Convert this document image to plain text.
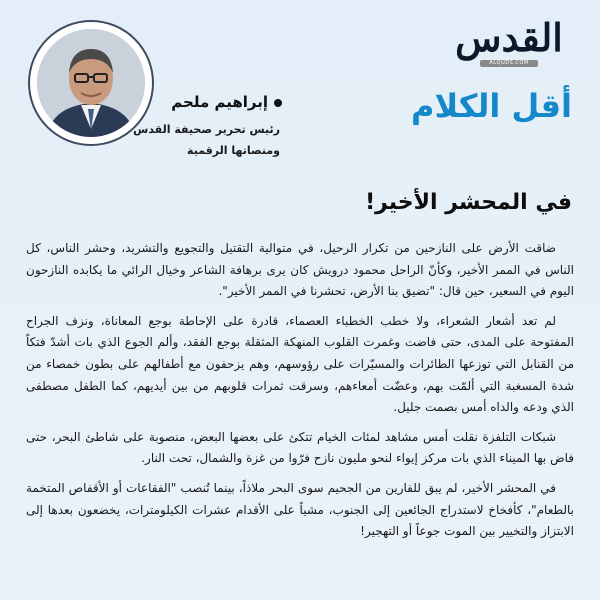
القدس
ALQUDS.COM
أقل الكلام
إبراهيم ملحم
رئيس تحرير صحيفة القدس
ومنصاتها الرقمية
في المحشر الأخير!

ضاقت الأرض على النازحين من تكرار الرحيل، في متوالية التقتيل والتجويع والتشريد، وحشر الناس، كل الناس في الممر الأخير، وكأنّ الراحل محمود درويش كان يرى برهافة الشاعر وخيال الرائي ما يكابده النازحون اليوم في السعير، حين قال: "تضيق بنا الأرض، تحشرنا في الممر الأخير".

لم تعد أشعار الشعراء، ولا خطب الخطباء العصماء، قادرة على الإحاطة بوجع المعاناة، ونزف الجراح المفتوحة على المدى، حتى فاضت وغمرت القلوب المنهكة المثقلة بوجع الفقد، وألم الجوع الذي بات أشدّ فتكاً من القنابل التي توزعها الطائرات والمسيّرات على رؤوسهم، وهم يزحفون مع أطفالهم على بطون خمصاء من شدة المسغبة التي ألمّت بهم، وعضّت أمعاءهم، وسرقت ثمرات قلوبهم من بين أيديهم، كما الطفل مصطفى الذي ودعه والداه أمس بصمت جليل.

شبكات التلفزة نقلت أمس مشاهد لمئات الخيام تتكئ على بعضها البعض، منصوبة على شاطئ البحر، حتى فاض بها الميناء الذي بات مركز إيواء لنحو مليون نازح فرّوا من غزة والشمال، تحت النار.

في المحشر الأخير، لم يبق للفارين من الجحيم سوى البحر ملاذاً، بينما تُنصب "الفقاعات أو الأقفاص المتخمة بالطعام"، كأفخاخ لاستدراج الجائعين إلى الجنوب، مشياً على الأقدام عشرات الكيلومترات، يخضعون بعدها إلى الابتزاز والتخيير بين الموت جوعاً أو التهجير!
